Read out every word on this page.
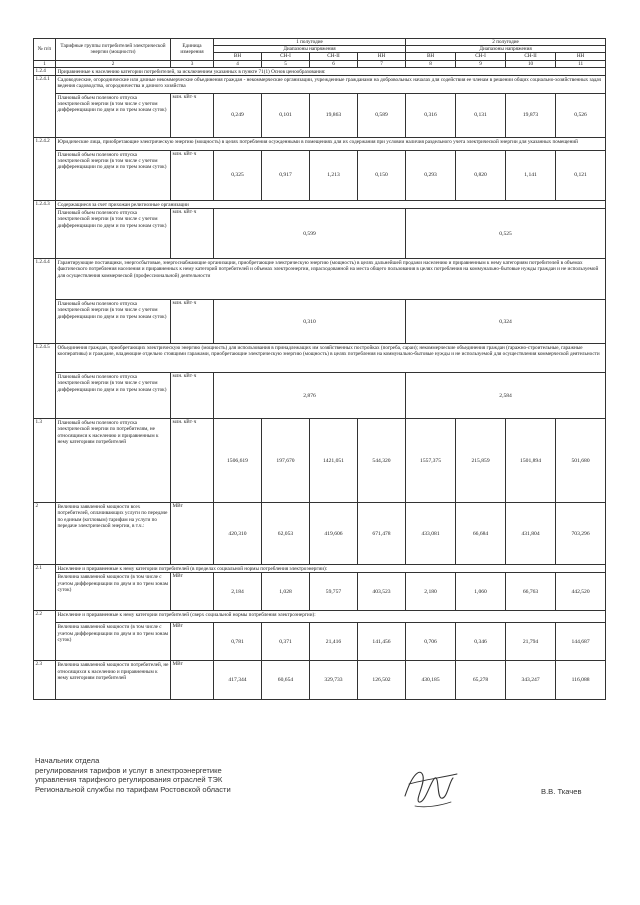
№ п/п	Тарифные группы потребителей электрической энергии (мощности)	Единица измерения	1 полугодие				2 полугодие			
			Диапазоны напряжения				Диапазоны напряжения			
			ВН	СН-I	СН-II	НН	ВН	СН-I	СН-II	НН
1	2	3	4	5	6	7	8	9	10	11
1.2.4	Приравненные к населению категории потребителей, за исключением указанных в пункте 71(1) Основ ценообразования:									
1.2.4.1	Садоводческие, огороднические или дачные некоммерческие объединения граждан - некоммерческие организации, учрежденные гражданами на добровольных началах для содействия ее членам в решении общих социально-хозяйственных задач ведения садоводства, огородничества и дачного хозяйства									
	Плановый объем полезного отпуска электрической энергии (в том числе с учетом дифференциации по двум и по трем зонам суток)	млн. кВт·ч	0,249	0,101	19,863	0,589	0,316	0,131	19,873	0,526
1.2.4.2	Юридические лица, приобретающие электрическую энергию (мощность) в целях потребления осужденными в помещениях для их содержания при условии наличия раздельного учета электрической энергии для указанных помещений									
	Плановый объем полезного отпуска электрической энергии (в том числе с учетом дифференциации по двум и по трем зонам суток)	млн. кВт·ч	0,325	0,917	1,213	0,150	0,293	0,820	1,141	0,121
1.2.4.3	Содержащиеся за счет прихожан религиозные организации									
	Плановый объем полезного отпуска электрической энергии (в том числе с учетом дифференциации по двум и по трем зонам суток)	млн. кВт·ч	0,599				0,525			
1.2.4.4	Гарантирующие поставщики, энергосбытовые, энергоснабжающие организации, приобретающие электрическую энергию (мощность) в целях дальнейшей продажи населению и приравненным к нему категориям потребителей в объемах фактического потребления населения и приравненных к нему категорий потребителей и объемах электроэнергии, израсходованной на места общего пользования в целях потребления на коммунально-бытовые нужды граждан и не используемой для осуществления коммерческой (профессиональной) деятельности									
	Плановый объем полезного отпуска электрической энергии (в том числе с учетом дифференциации по двум и по трем зонам суток)	млн. кВт·ч	0,310				0,324			
1.2.4.5	Объединения граждан, приобретающих электрическую энергию (мощность) для использования в принадлежащих им хозяйственных постройках (погреба, сараи); некоммерческие объединения граждан (гаражно-строительные, гаражные кооперативы) и граждане, владеющие отдельно стоящими гаражами, приобретающие электрическую энергию (мощность) в целях потребления на коммунально-бытовые нужды и не используемой для осуществления коммерческой деятельности									
	Плановый объем полезного отпуска электрической энергии (в том числе с учетом дифференциации по двум и по трем зонам суток)	млн. кВт·ч	2,876				2,584			
1.3	Плановый объем полезного отпуска электрической энергии по потребителям, не относящимся к населению и приравненным к нему категориям потребителей	млн. кВт·ч	1506,619	197,670	1421,051	544,320	1557,375	215,859	1501,894	501,680
2	Величина заявленной мощности всех потребителей, оплачивающих услуги по передаче по единым (котловым) тарифам на услуги по передаче электрической энергии, в т.ч.:	МВт	420,310	62,053	419,606	671,478	433,081	66,684	431,804	703,296
2.1	Население и приравненные к нему категории потребителей (в пределах социальной нормы потребления электроэнергии):									
	Величина заявленной мощности (в том числе с учетом дифференциации по двум и по трем зонам суток)	МВт	2,184	1,028	59,757	403,523	2,180	1,060	66,763	442,520
2.2	Население и приравненные к нему категории потребителей (сверх социальной нормы потребления электроэнергии):									
	Величина заявленной мощности (в том числе с учетом дифференциации по двум и по трем зонам суток)	МВт	0,781	0,371	21,416	141,456	0,706	0,346	21,794	144,687
2.3	Величина заявленной мощности потребителей, не относящихся к населению и приравненным к нему категориям потребителей	МВт	417,344	60,654	329,733	126,502	430,185	65,278	343,247	116,088
Начальник отдела
регулирования тарифов и услуг в электроэнергетике
управления тарифного регулирования отраслей ТЭК
Региональной службы по тарифам Ростовской области	В.В. Ткачев
